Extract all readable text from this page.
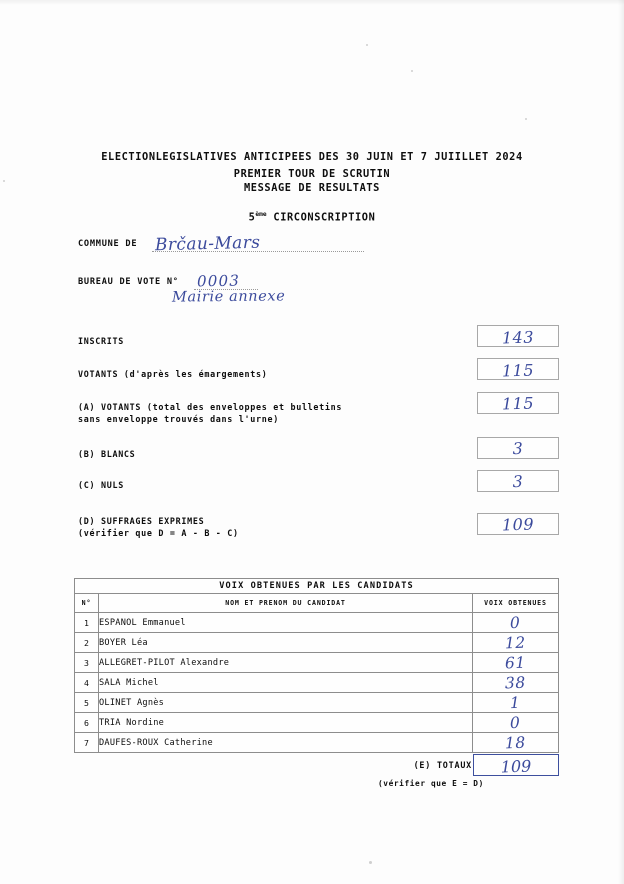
ELECTIONLEGISLATIVES ANTICIPEES DES 30 JUIN ET 7 JUIILLET 2024
PREMIER TOUR DE SCRUTIN
MESSAGE DE RESULTATS
5ème CIRCONSCRIPTION
COMMUNE DE Brčau-Mars
BUREAU DE VOTE N° 0003
Mairie annexe
INSCRITS	143
VOTANTS (d'après les émargements)	115
(A) VOTANTS (total des enveloppes et bulletins
sans enveloppe trouvés dans l'urne)
115
(B) BLANCS	3
(C) NULS	3
(D) SUFFRAGES EXPRIMES
(vérifier que D = A - B - C)	109
VOIX OBTENUES PAR LES CANDIDATS		
N°	NOM ET PRENOM DU CANDIDAT	VOIX OBTENUES
1	ESPANOL Emmanuel	0
2	BOYER Léa	12
3	ALLEGRET-PILOT Alexandre	61
4	SALA Michel	38
5	OLINET Agnès	1
6	TRIA Nordine	0
7	DAUFES-ROUX Catherine	18
(E) TOTAUX	109
(vérifier que E = D)
